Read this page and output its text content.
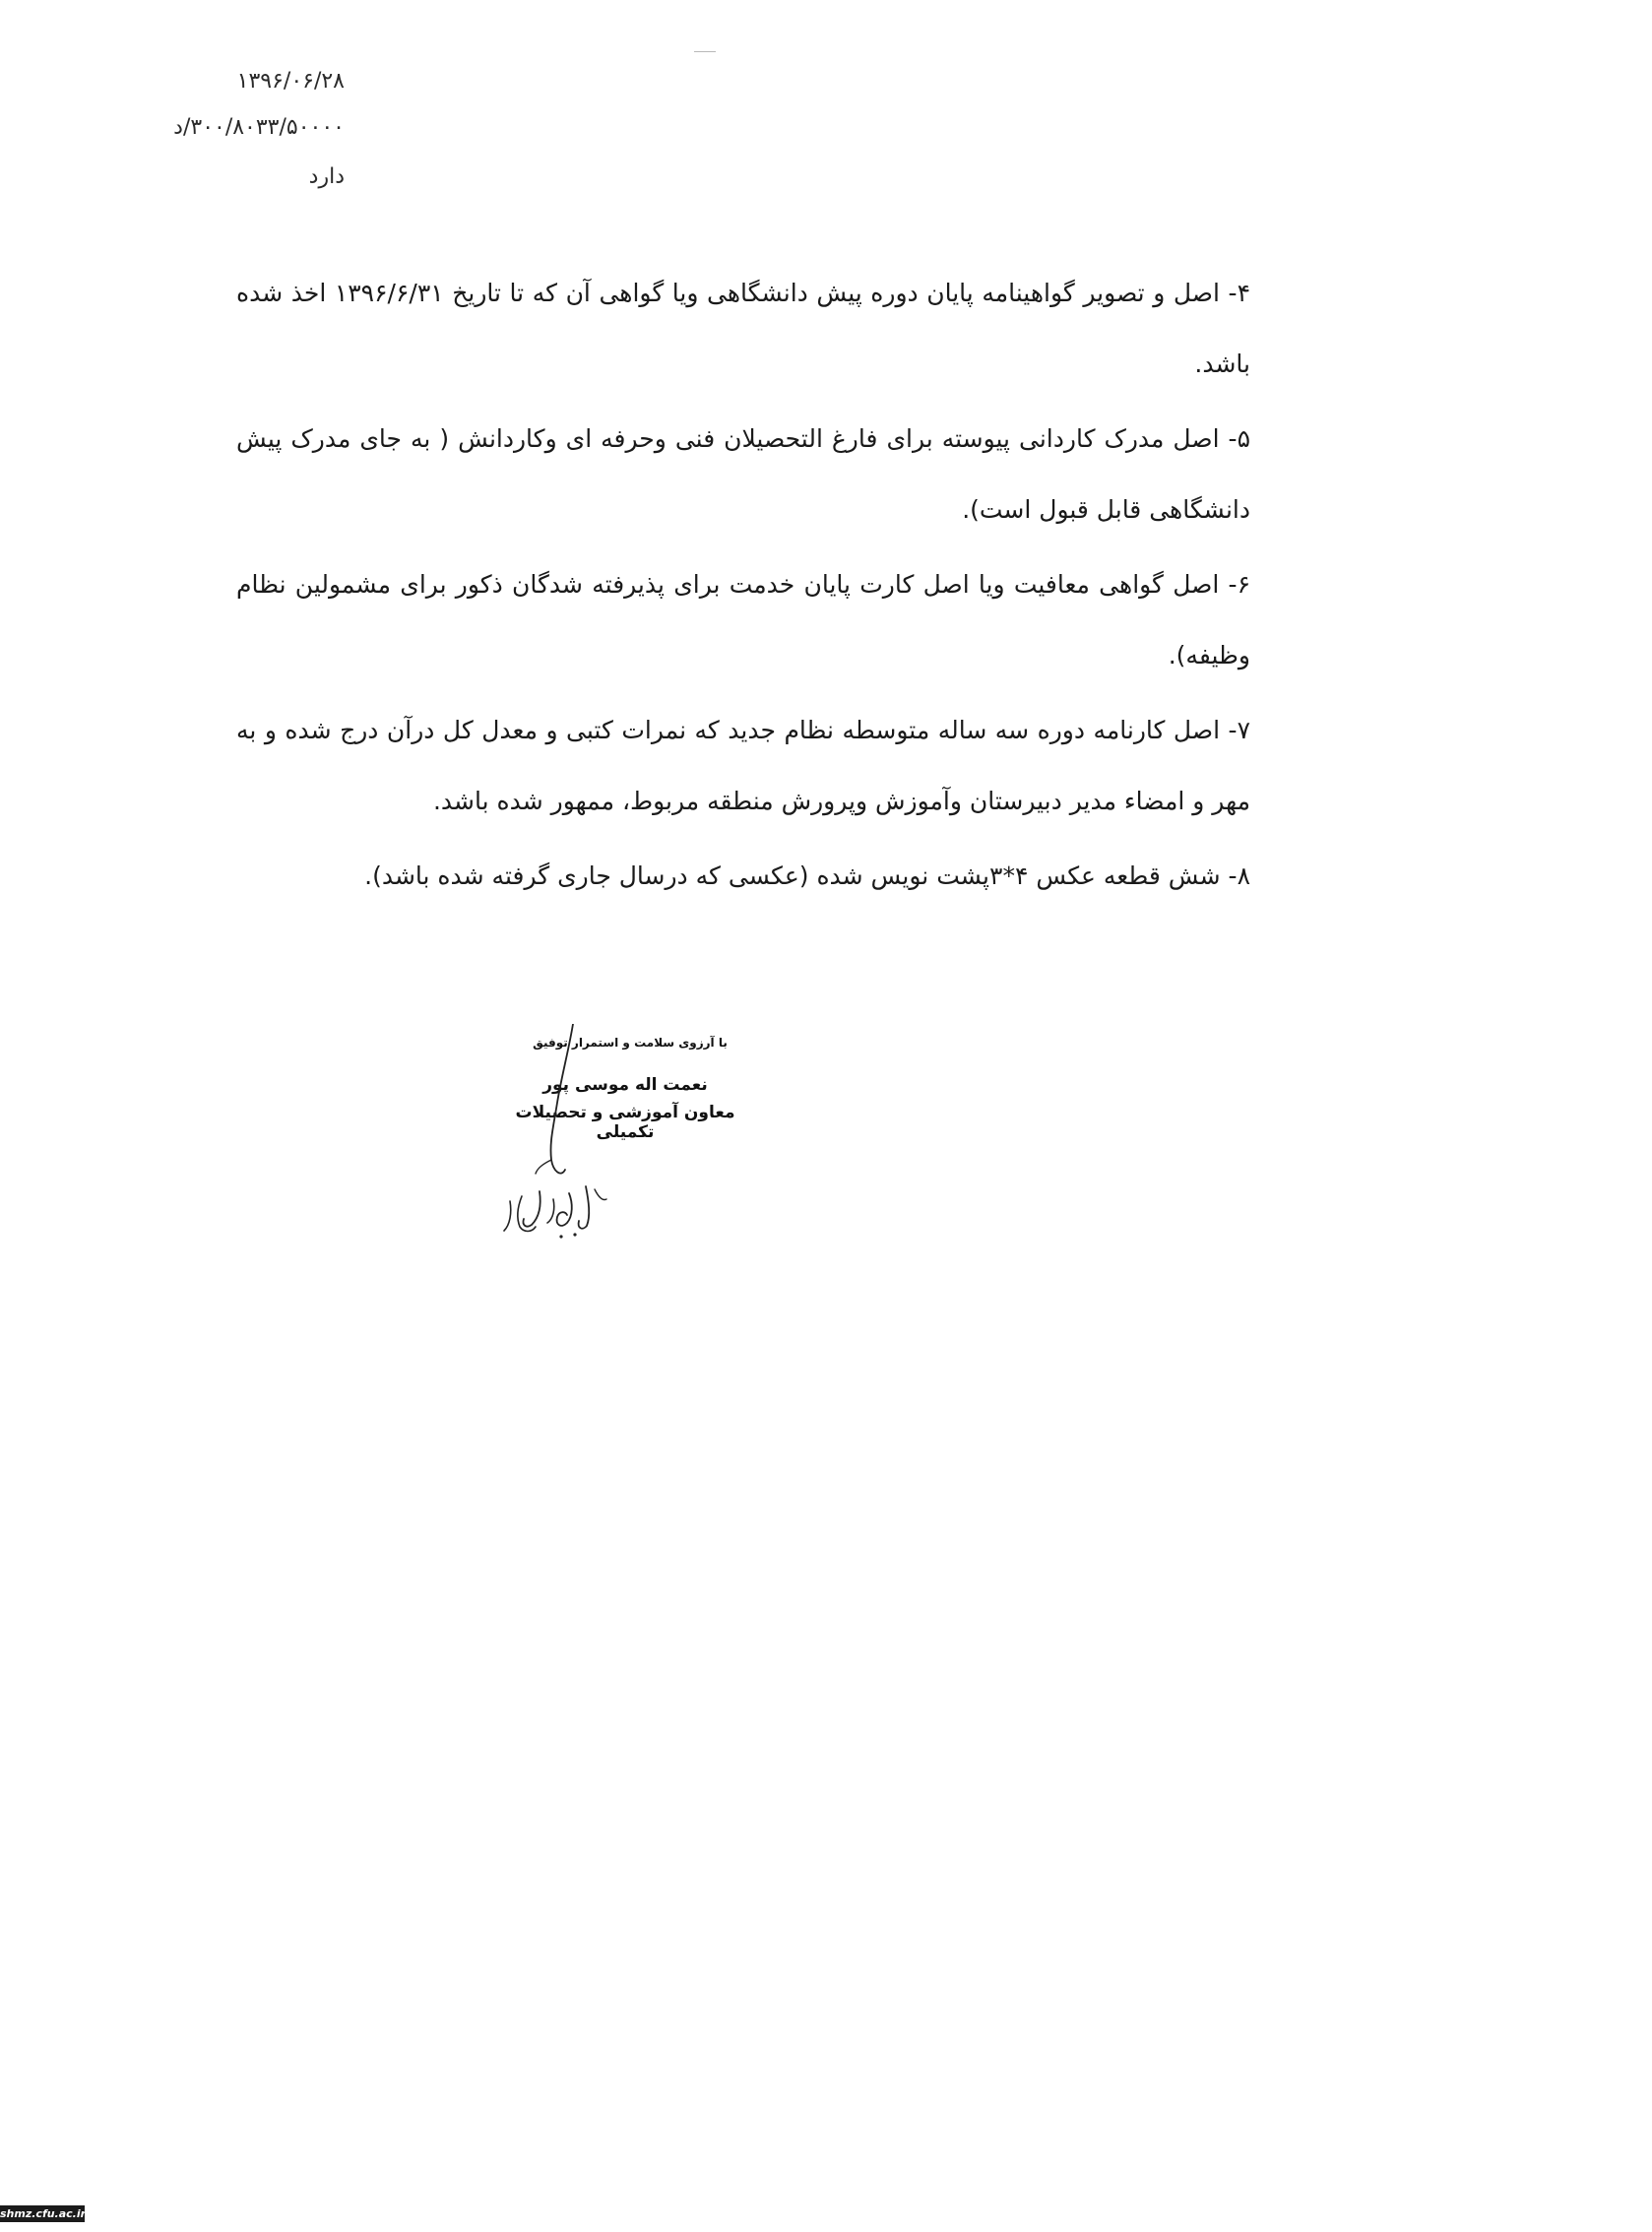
۱۳۹۶/۰۶/۲۸
۳۰۰/۸۰۳۳/۵۰۰۰۰/د
دارد

۴- اصل و تصویر گواهینامه پایان دوره پیش دانشگاهی ویا گواهی آن که تا تاریخ ۱۳۹۶/۶/۳۱ اخذ شده باشد.

۵- اصل مدرک کاردانی پیوسته برای فارغ التحصیلان فنی وحرفه ای وکاردانش ( به جای مدرک پیش دانشگاهی قابل قبول است).

۶- اصل گواهی معافیت ویا اصل کارت پایان خدمت برای پذیرفته شدگان ذکور برای مشمولین نظام وظیفه).

۷- اصل کارنامه دوره سه ساله متوسطه نظام جدید که نمرات کتبی و معدل کل درآن درج شده و به مهر و امضاء مدیر دبیرستان وآموزش وپرورش منطقه مربوط، ممهور شده باشد.

۸- شش قطعه عکس ۴*۳پشت نویس شده (عکسی که درسال جاری گرفته شده باشد).

با آرزوی سلامت و استمرار توفیق
نعمت اله موسی پور
معاون آموزشی و تحصیلات تکمیلی
shmz.cfu.ac.ir
